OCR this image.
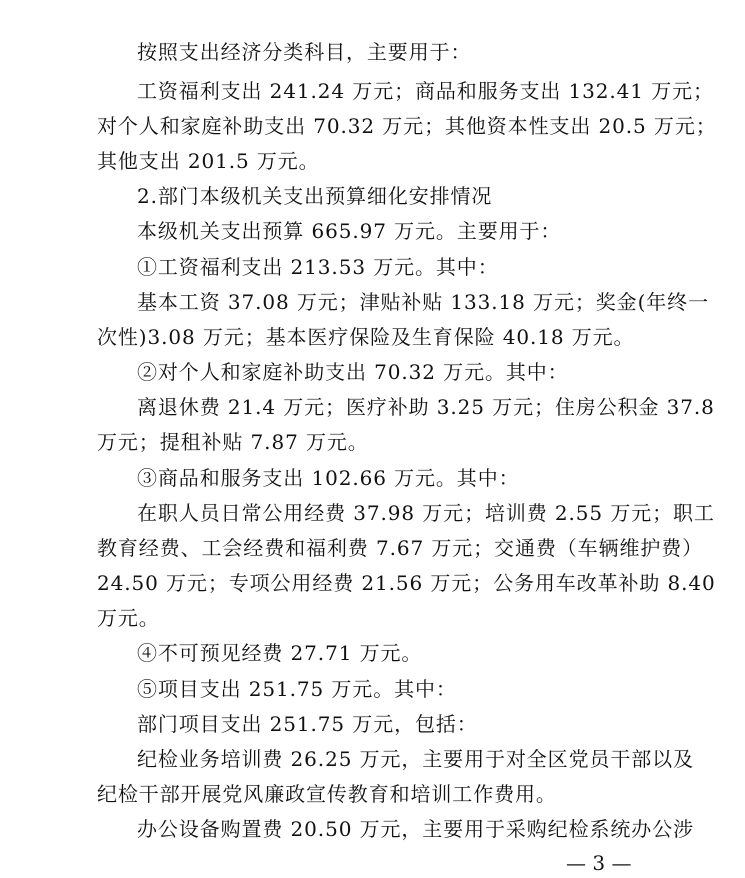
按照支出经济分类科目，主要用于：
工资福利支出 241.24 万元；商品和服务支出 132.41 万元；
对个人和家庭补助支出 70.32 万元；其他资本性支出 20.5 万元；
其他支出 201.5 万元。
2.部门本级机关支出预算细化安排情况
本级机关支出预算 665.97 万元。主要用于：
①工资福利支出 213.53 万元。其中：
基本工资 37.08 万元；津贴补贴 133.18 万元；奖金(年终一
次性)3.08 万元；基本医疗保险及生育保险 40.18 万元。
②对个人和家庭补助支出 70.32 万元。其中：
离退休费 21.4 万元；医疗补助 3.25 万元；住房公积金 37.8
万元；提租补贴 7.87 万元。
③商品和服务支出 102.66 万元。其中：
在职人员日常公用经费 37.98 万元；培训费 2.55 万元；职工
教育经费、工会经费和福利费 7.67 万元；交通费（车辆维护费）
24.50 万元；专项公用经费 21.56 万元；公务用车改革补助 8.40
万元。
④不可预见经费 27.71 万元。
⑤项目支出 251.75 万元。其中：
部门项目支出 251.75 万元，包括：
纪检业务培训费 26.25 万元，主要用于对全区党员干部以及
纪检干部开展党风廉政宣传教育和培训工作费用。
办公设备购置费 20.50 万元，主要用于采购纪检系统办公涉
— 3 —
